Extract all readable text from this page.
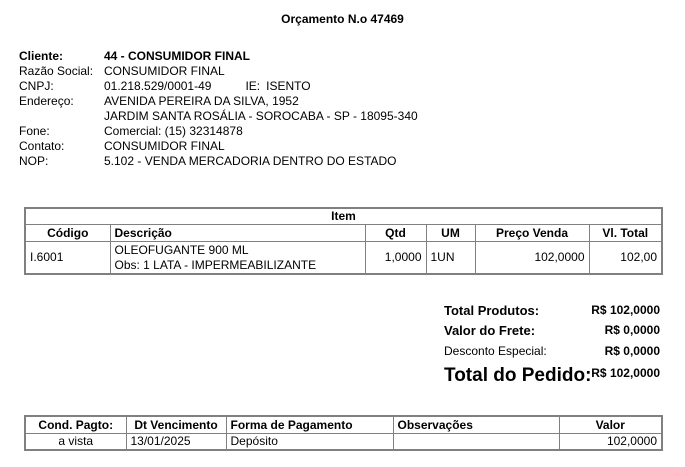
Orçamento N.o 47469
Cliente:	44 - CONSUMIDOR FINAL
Razão Social: CONSUMIDOR FINAL
CNPJ:	01.218.529/0001-49	IE: ISENTO
Endereço:	AVENIDA PEREIRA DA SILVA, 1952
JARDIM SANTA ROSÁLIA - SOROCABA - SP - 18095-340
Fone:	Comercial: (15) 32314878
Contato:	CONSUMIDOR FINAL
NOP:	5.102 - VENDA MERCADORIA DENTRO DO ESTADO
Item					
Código	Descrição	Qtd	UM	Preço Venda	Vl. Total
I.6001	OLEOFUGANTE 900 ML
Obs: 1 LATA - IMPERMEABILIZANTE	1,0000	1UN	102,0000	102,00
Total Produtos:	R$ 102,0000
Valor do Frete:	R$ 0,0000
Desconto Especial:	R$ 0,0000
Total do Pedido: R$ 102,0000
Cond. Pagto:	Dt Vencimento	Forma de Pagamento	Observações	Valor
a vista	13/01/2025	Depósito		102,0000
